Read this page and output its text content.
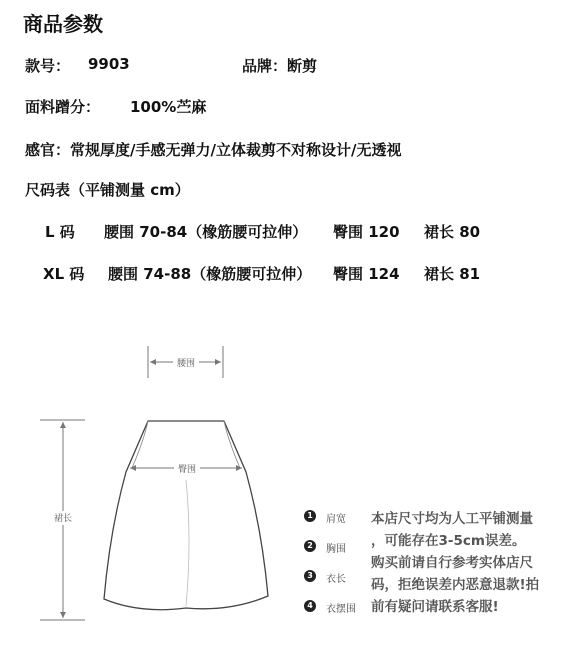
商品参数
款号： 9903	品牌：断剪
面料蹭分： 100%苎麻
感官：常规厚度/手感无弹力/立体裁剪不对称设计/无透视
尺码表（平铺测量 cm）
L 码 腰围 70-84（橡筋腰可拉伸） 臀围 120 裙长 80
XL 码 腰围 74-88（橡筋腰可拉伸） 臀围 124 裙长 81
腰围
臀围
裙长	1	肩宽
2	胸围
3	衣长
4	衣摆围
本店尺寸均为人工平铺测量
，可能存在3-5cm误差。
购买前请自行参考实体店尺
码，拒绝误差内恶意退款!拍
前有疑问请联系客服!
